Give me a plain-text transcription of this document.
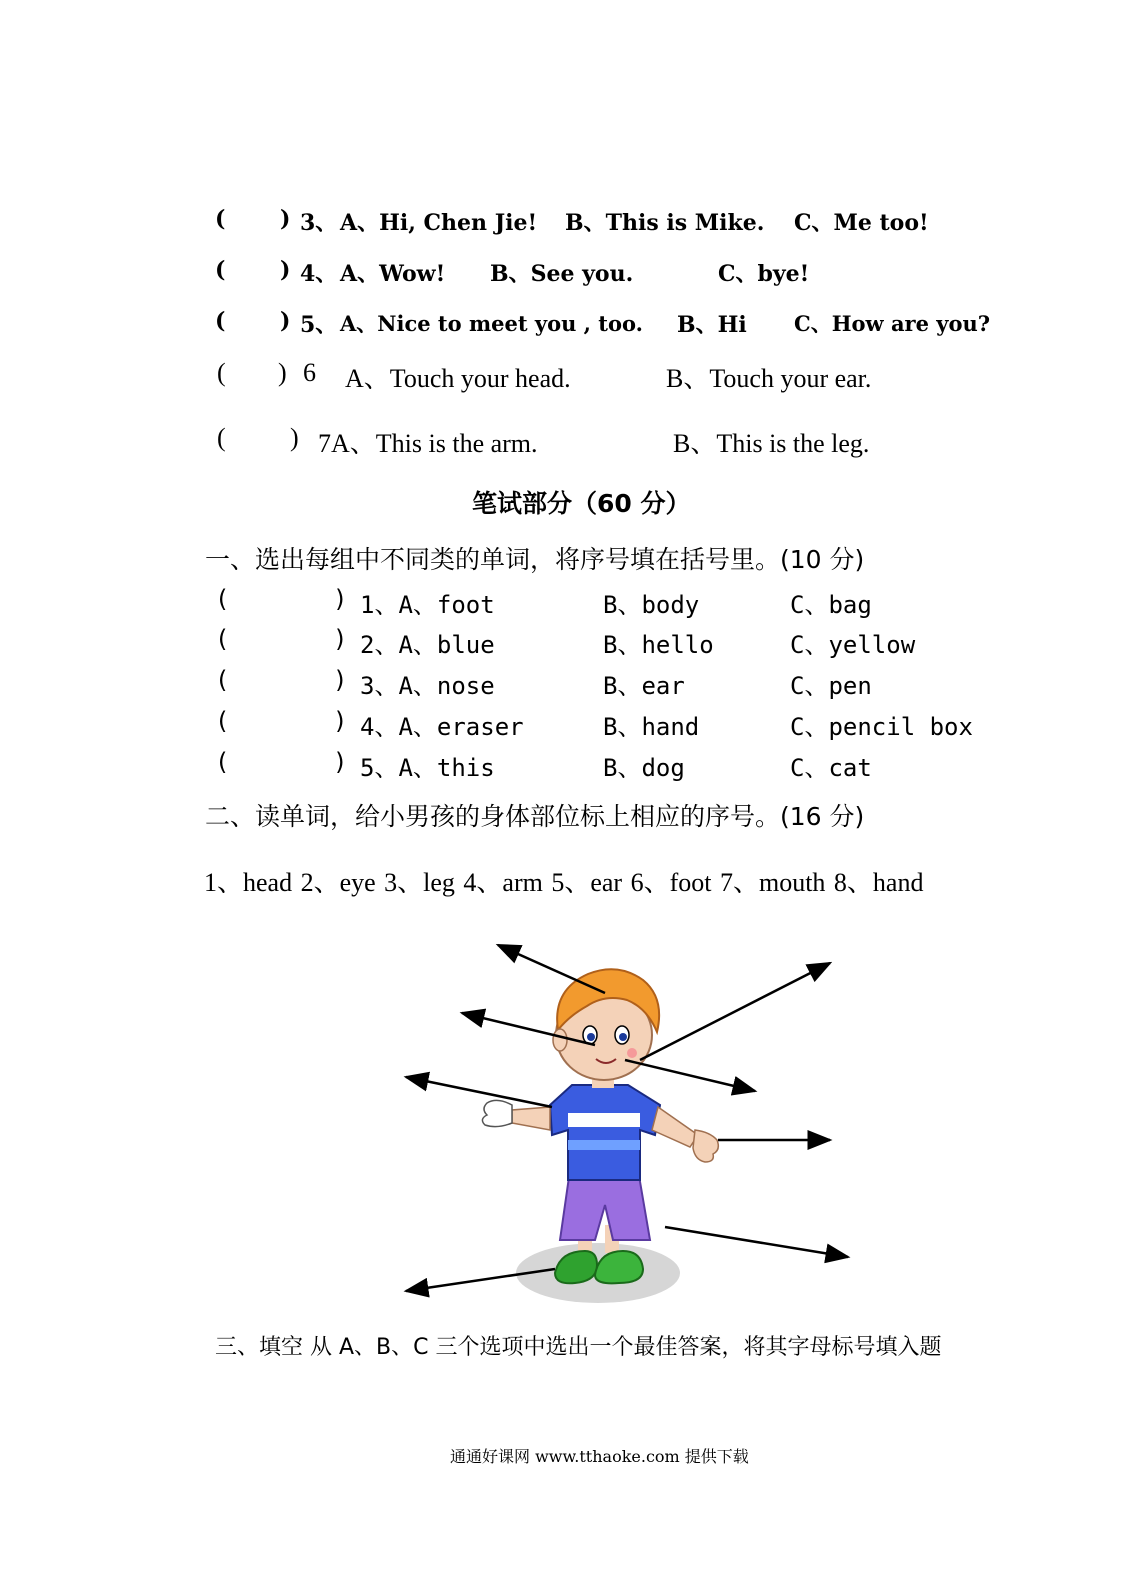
( ) 3、 A、Hi, Chen Jie! B、This is Mike. C、Me too!
( ) 4、 A、Wow! B、See you.	C、bye!
( ) 5、 A、Nice to meet you , too. B、Hi C、How are you?
( ) 6 A、Touch your head.	B、Touch your ear.
( ) 7A、This is the arm.	B、This is the leg.
笔试部分（60 分）
一、选出每组中不同类的单词，将序号填在括号里。(10 分)
(	) 1、A、foot	B、body	C、bag
(	) 2、A、blue	B、hello	C、yellow
(	) 3、A、nose	B、ear	C、pen
(	) 4、A、eraser	B、hand	C、pencil box
(	) 5、A、this	B、dog	C、cat
二、读单词，给小男孩的身体部位标上相应的序号。(16 分)
1、head 2、eye 3、leg 4、arm 5、ear 6、foot 7、mouth 8、hand
三、填空 从 A、B、C 三个选项中选出一个最佳答案，将其字母标号填入题
通通好课网 www.tthaoke.com 提供下载
